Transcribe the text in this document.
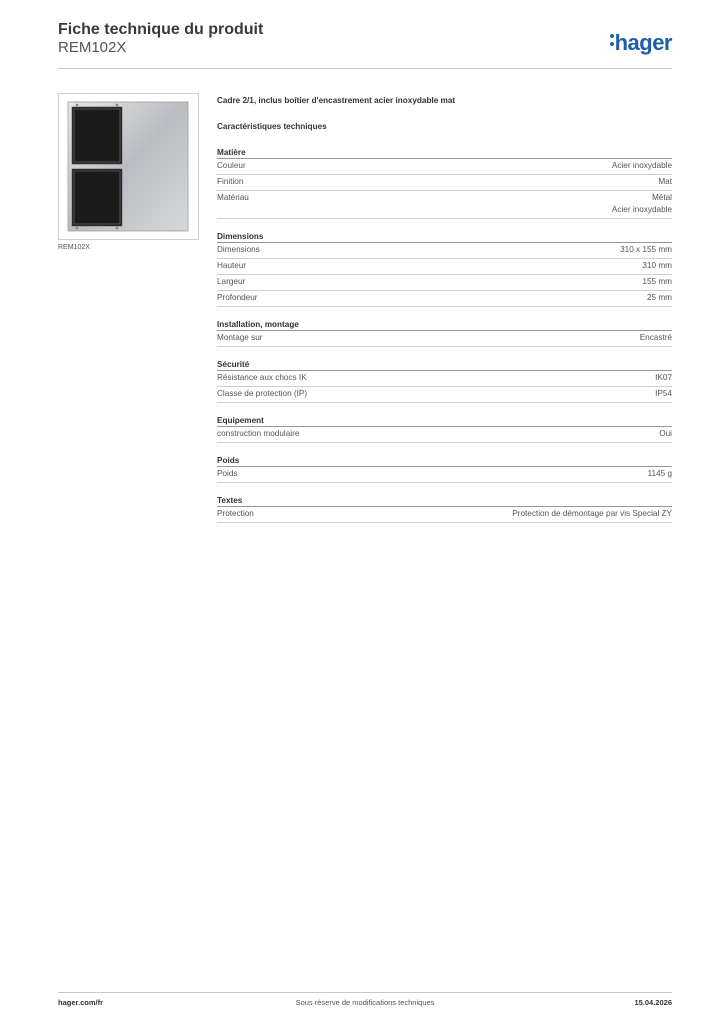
Fiche technique du produit
REM102X	hager
REM102X
Cadre 2/1, inclus boîtier d'encastrement acier inoxydable mat
Caractéristiques techniques
Matière
Couleur	Acier inoxydable
Finition	Mat
Matériau	Métal
Acier inoxydable
Dimensions
Dimensions	310 x 155 mm
Hauteur	310 mm
Largeur	155 mm
Profondeur	25 mm
Installation, montage
Montage sur	Encastré
Sécurité
Résistance aux chocs IK	IK07
Classe de protection (IP)	IP54
Equipement
construction modulaire	Oui
Poids
Poids	1145 g
Textes
Protection	Protection de démontage par vis Special ZY
hager.com/fr	Sous réserve de modifications techniques	15.04.2026
